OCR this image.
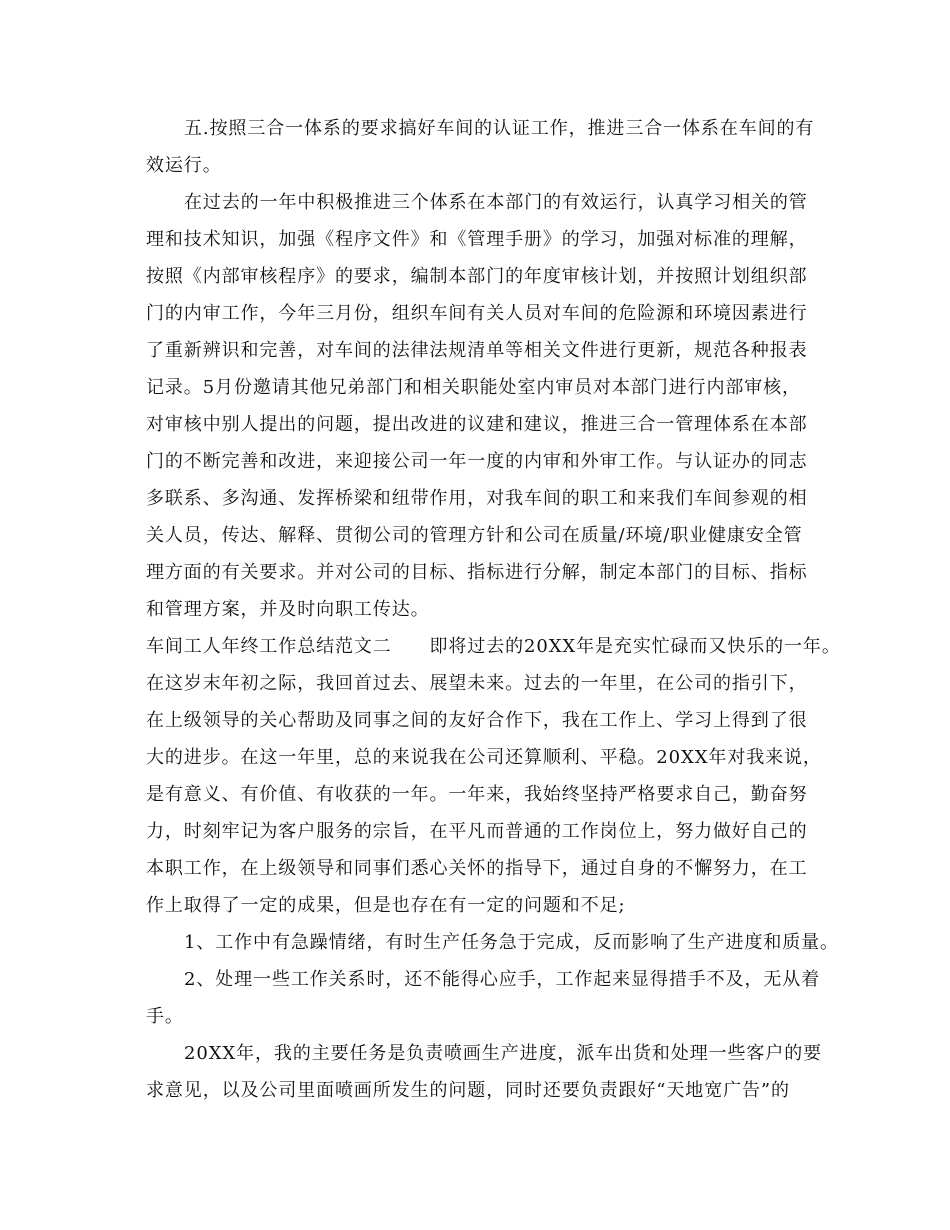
五.按照三合一体系的要求搞好车间的认证工作，推进三合一体系在车间的有
效运行。
在过去的一年中积极推进三个体系在本部门的有效运行，认真学习相关的管
理和技术知识，加强《程序文件》和《管理手册》的学习，加强对标准的理解，
按照《内部审核程序》的要求，编制本部门的年度审核计划，并按照计划组织部
门的内审工作，今年三月份，组织车间有关人员对车间的危险源和环境因素进行
了重新辨识和完善，对车间的法律法规清单等相关文件进行更新，规范各种报表
记录。5月份邀请其他兄弟部门和相关职能处室内审员对本部门进行内部审核，
对审核中别人提出的问题，提出改进的议建和建议，推进三合一管理体系在本部
门的不断完善和改进，来迎接公司一年一度的内审和外审工作。与认证办的同志
多联系、多沟通、发挥桥梁和纽带作用，对我车间的职工和来我们车间参观的相
关人员，传达、解释、贯彻公司的管理方针和公司在质量/环境/职业健康安全管
理方面的有关要求。并对公司的目标、指标进行分解，制定本部门的目标、指标
和管理方案，并及时向职工传达。
车间工人年终工作总结范文二　　即将过去的20XX年是充实忙碌而又快乐的一年。
在这岁末年初之际，我回首过去、展望未来。过去的一年里，在公司的指引下，
在上级领导的关心帮助及同事之间的友好合作下，我在工作上、学习上得到了很
大的进步。在这一年里，总的来说我在公司还算顺利、平稳。20XX年对我来说，
是有意义、有价值、有收获的一年。一年来，我始终坚持严格要求自己，勤奋努
力，时刻牢记为客户服务的宗旨，在平凡而普通的工作岗位上，努力做好自己的
本职工作，在上级领导和同事们悉心关怀的指导下，通过自身的不懈努力，在工
作上取得了一定的成果，但是也存在有一定的问题和不足;
1、工作中有急躁情绪，有时生产任务急于完成，反而影响了生产进度和质量。
2、处理一些工作关系时，还不能得心应手，工作起来显得措手不及，无从着
手。
20XX年，我的主要任务是负责喷画生产进度，派车出货和处理一些客户的要
求意见，以及公司里面喷画所发生的问题，同时还要负责跟好“天地宽广告”的
